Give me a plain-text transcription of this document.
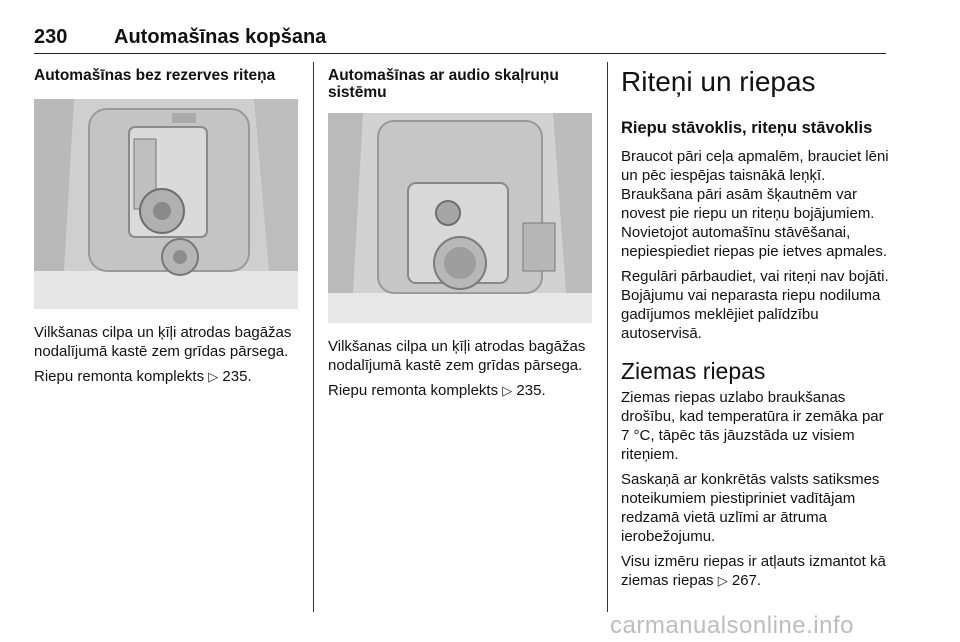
230 Automašīnas kopšana

Automašīnas bez rezerves riteņa

Vilkšanas cilpa un ķīļi atrodas bagāžas nodalījumā kastē zem grīdas pārsega.

Riepu remonta komplekts ▷ 235.

Automašīnas ar audio skaļruņu sistēmu

Vilkšanas cilpa un ķīļi atrodas bagāžas nodalījumā kastē zem grīdas pārsega.

Riepu remonta komplekts ▷ 235.

Riteņi un riepas

Riepu stāvoklis, riteņu stāvoklis

Braucot pāri ceļa apmalēm, brauciet lēni un pēc iespējas taisnākā leņķī. Braukšana pāri asām šķautnēm var novest pie riepu un riteņu bojājumiem. Novietojot automašīnu stāvēšanai, nepiespiediet riepas pie ietves apmales.

Regulāri pārbaudiet, vai riteņi nav bojāti. Bojājumu vai neparasta riepu nodiluma gadījumos meklējiet palīdzību autoservisā.

Ziemas riepas

Ziemas riepas uzlabo braukšanas drošību, kad temperatūra ir zemāka par 7 °C, tāpēc tās jāuzstāda uz visiem riteņiem.

Saskaņā ar konkrētās valsts satiksmes noteikumiem piestipriniet vadītājam redzamā vietā uzlīmi ar ātruma ierobežojumu.

Visu izmēru riepas ir atļauts izmantot kā ziemas riepas ▷ 267.

carmanualsonline.info
